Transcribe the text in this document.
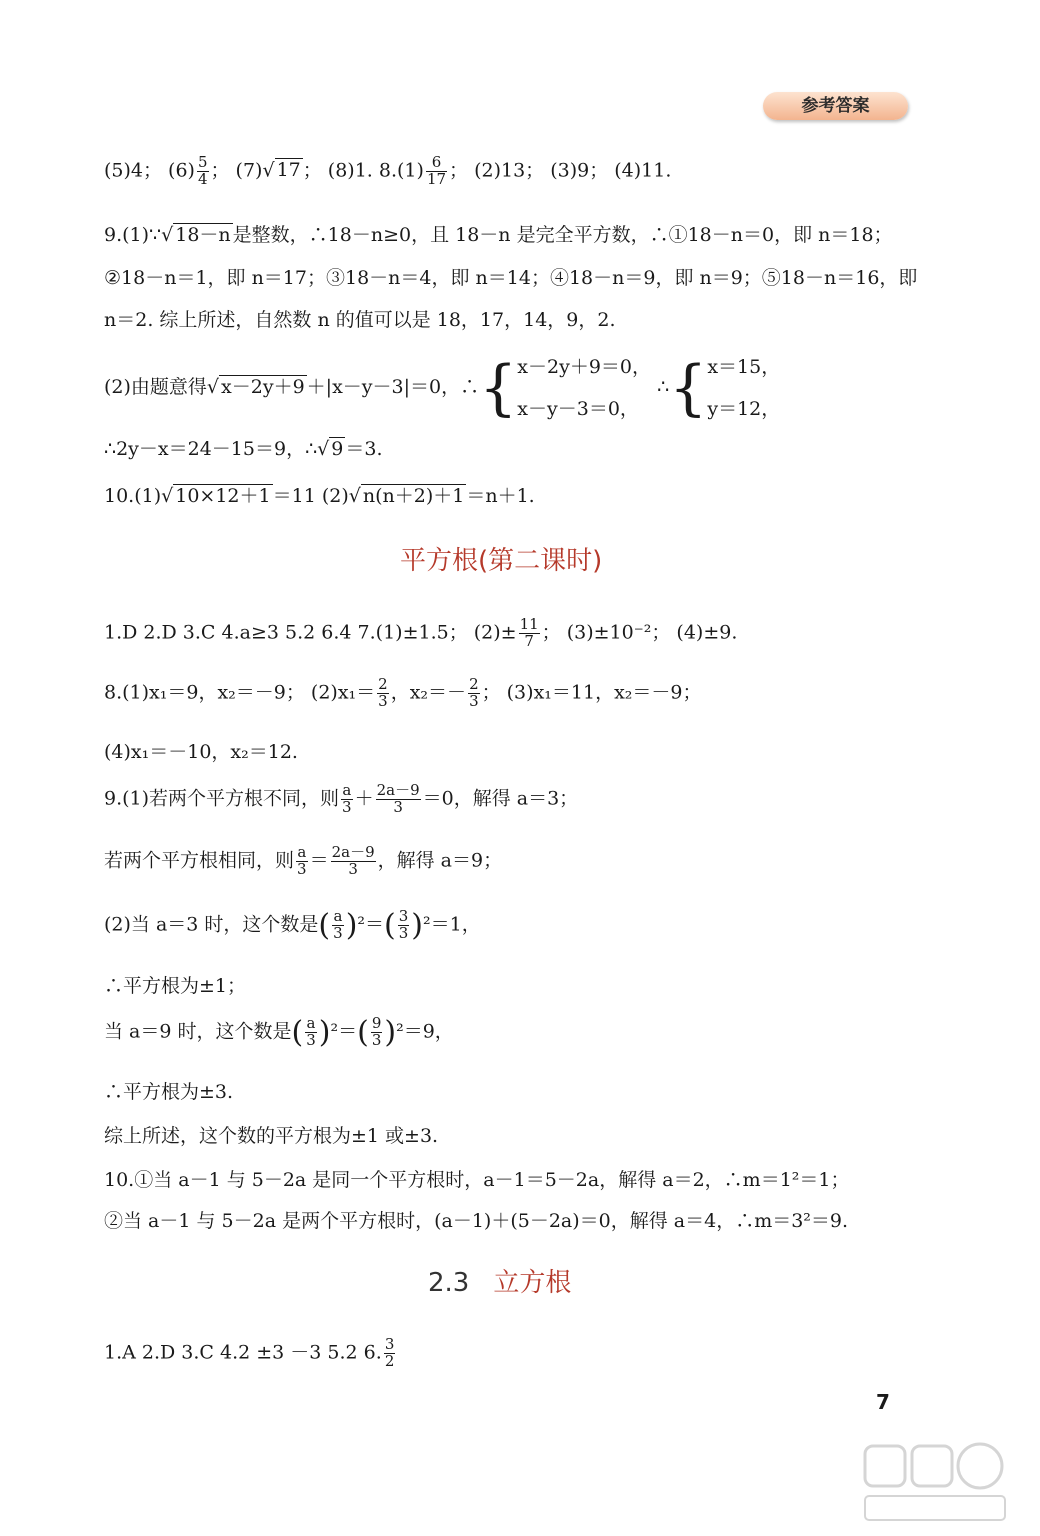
参考答案
(5)4； $(6) \frac{5}{4}$ ； (7)√ 17 ； (8)1. $8.(1) \frac{6}{17}$ ； (2)13； (3)9； (4)11.
9.(1)∵√ 18－n 是整数，∴18－n≥0，且 18－n 是完全平方数，∴①18－n＝0，即 n＝18；
②18－n＝1，即 n＝17；③18－n＝4，即 n＝14；④18－n＝9，即 n＝9；⑤18－n＝16，即
n＝2. 综上所述，自然数 n 的值可以是 18，17，14，9，2.
(2)由题意得√ x－2y＋9 ＋|x－y－3|＝0，∴{ x－2y＋9＝0，
x－y－3＝0，
∴{ x＝15，
y＝12，
∴2y－x＝24－15＝9，∴√ 9 ＝3.
10.(1)√ 10×12＋1 ＝11 (2)√ n(n＋2)＋1 ＝n＋1.
平方根(第二课时)
1.D 2.D 3.C 4.a≥3 5.2 6.4 7.(1)±1.5； $(2)\pm \frac{11}{7}$ ； (3)±10⁻²； (4)±9.
8.(1)x₁＝9，x₂＝－9； $(2)x_1= \frac{2}{3}$ ，$x_2=- \frac{2}{3}$ ； (3)x₁＝11，x₂＝－9；
(4)x₁＝－10，x₂＝12.
9.(1)若两个平方根不同，则 $\frac{a}{3} + \frac{2a-9}{3} =0$，解得 a＝3；
若两个平方根相同，则 $\frac{a}{3} = \frac{2a-9}{3}$ ，解得 a＝9；
(2)当 a＝3 时，这个数是( $\frac{a}{3} )^2=( \frac{3}{3} )^2=1$，
∴平方根为±1；
当 a＝9 时，这个数是( $\frac{a}{3} )^2=( \frac{9}{3} )^2=9$，
∴平方根为±3.
综上所述，这个数的平方根为±1 或±3.
10.①当 a－1 与 5－2a 是同一个平方根时，a－1＝5－2a，解得 a＝2，∴m＝1²＝1；
②当 a－1 与 5－2a 是两个平方根时，(a－1)＋(5－2a)＝0，解得 a＝4，∴m＝3²＝9.
2.3 立方根
1.A 2.D 3.C 4.2 ±3 －3 5.2 6. $\frac{3}{2}$
7
